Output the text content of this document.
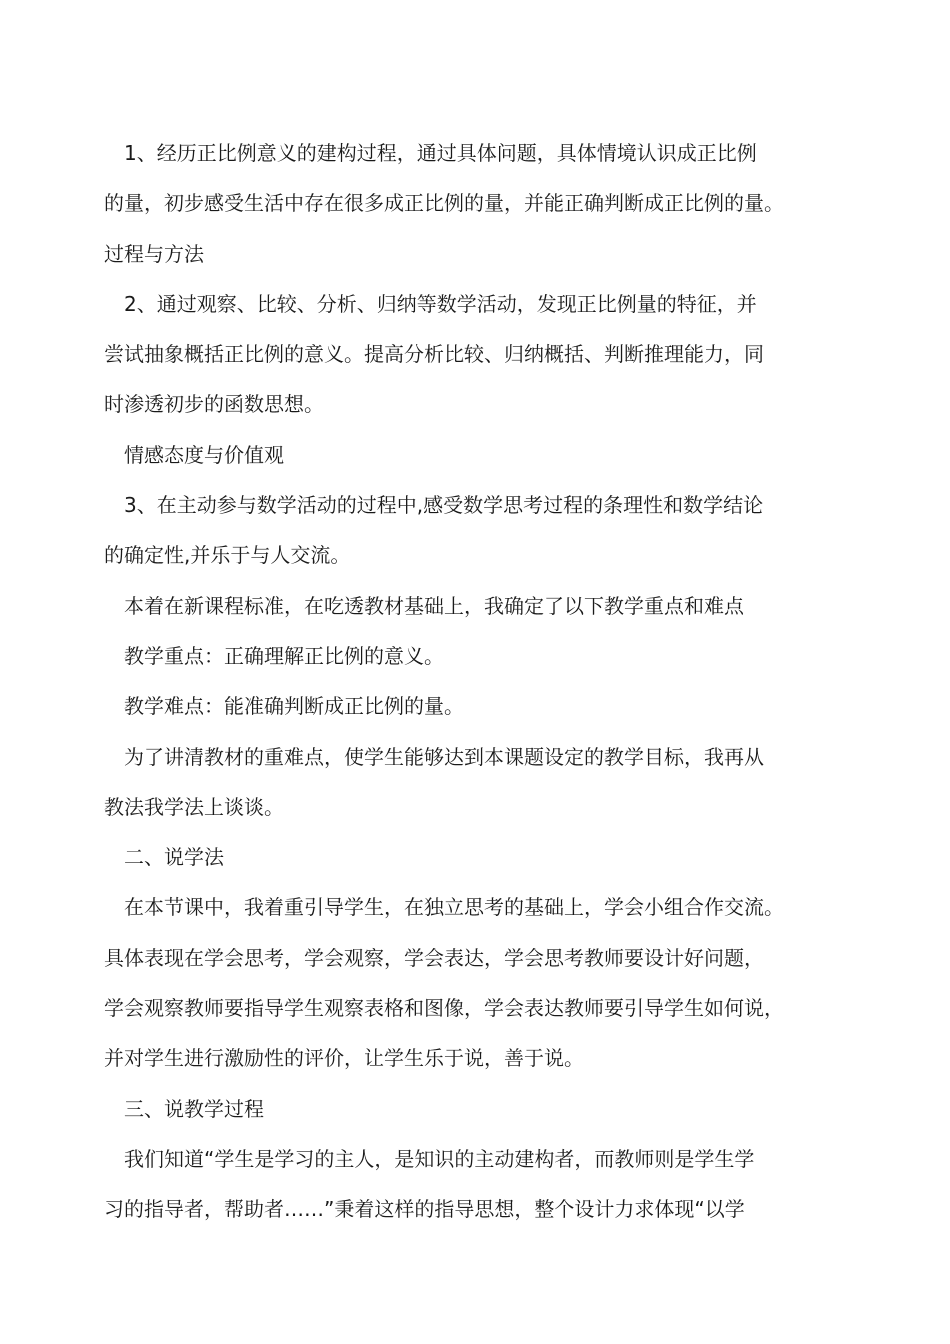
1、经历正比例意义的建构过程，通过具体问题，具体情境认识成正比例
的量，初步感受生活中存在很多成正比例的量，并能正确判断成正比例的量。
过程与方法
2、通过观察、比较、分析、归纳等数学活动，发现正比例量的特征，并
尝试抽象概括正比例的意义。提高分析比较、归纳概括、判断推理能力，同
时渗透初步的函数思想。
情感态度与价值观
3、在主动参与数学活动的过程中,感受数学思考过程的条理性和数学结论
的确定性,并乐于与人交流。
本着在新课程标准，在吃透教材基础上，我确定了以下教学重点和难点
教学重点：正确理解正比例的意义。
教学难点：能准确判断成正比例的量。
为了讲清教材的重难点，使学生能够达到本课题设定的教学目标，我再从
教法我学法上谈谈。
二、说学法
在本节课中，我着重引导学生，在独立思考的基础上，学会小组合作交流。
具体表现在学会思考，学会观察，学会表达，学会思考教师要设计好问题，
学会观察教师要指导学生观察表格和图像，学会表达教师要引导学生如何说，
并对学生进行激励性的评价，让学生乐于说，善于说。
三、说教学过程
我们知道“学生是学习的主人，是知识的主动建构者，而教师则是学生学
习的指导者，帮助者……”秉着这样的指导思想，整个设计力求体现“以学
